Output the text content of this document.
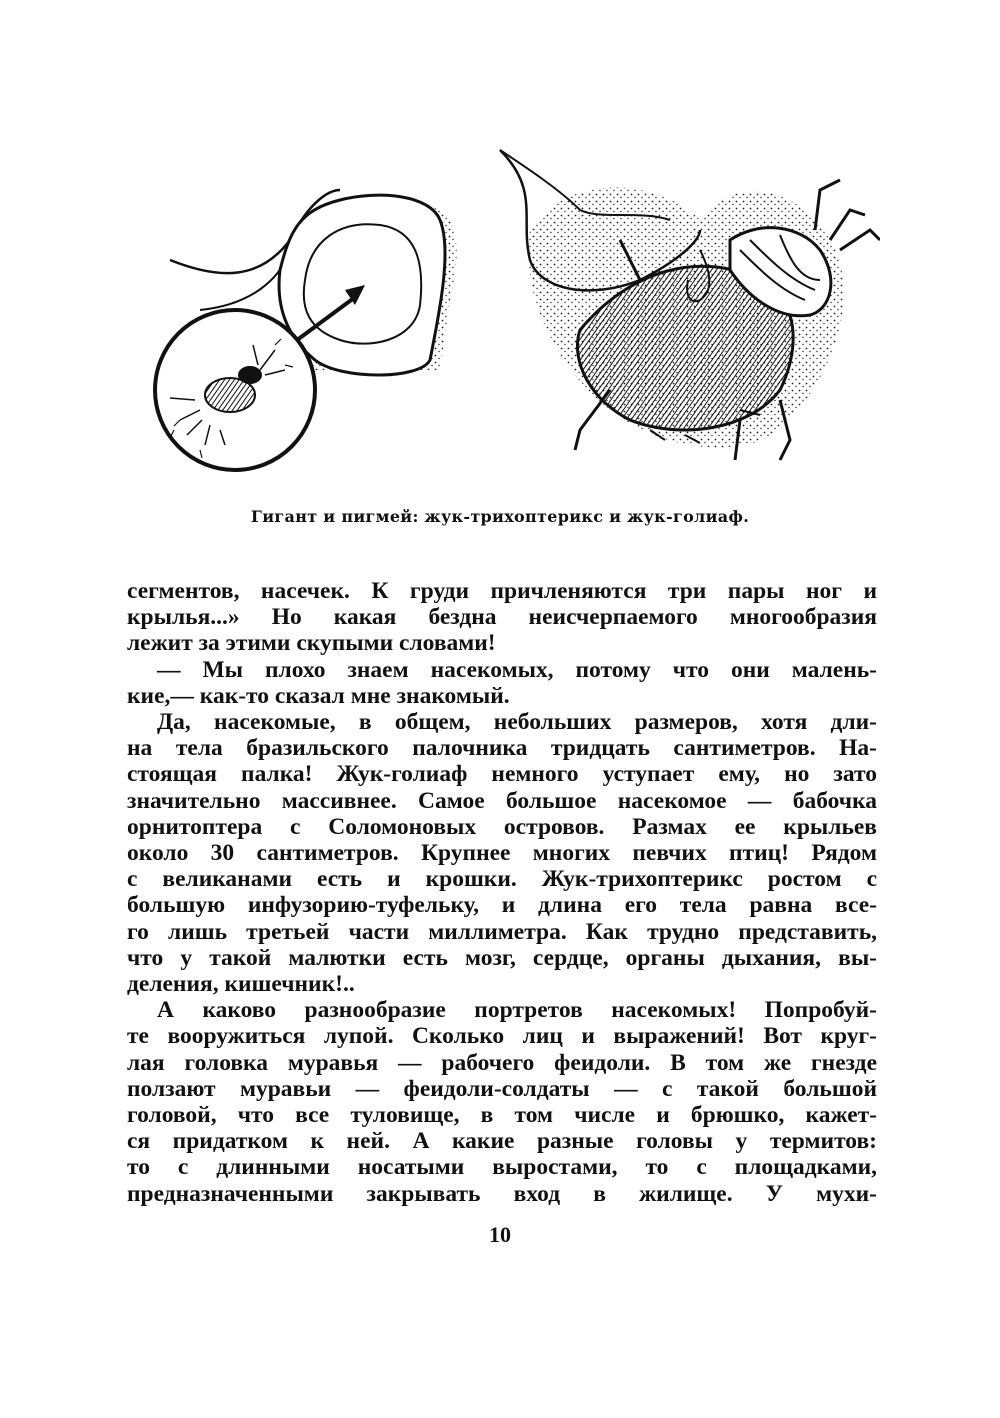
Гигант и пигмей: жук-трихоптерикс и жук-голиаф.
сегментов, насечек. К груди причленяются три пары ног и
крылья...» Но какая бездна неисчерпаемого многообразия
лежит за этими скупыми словами!
— Мы плохо знаем насекомых, потому что они малень-
кие,— как-то сказал мне знакомый.
Да, насекомые, в общем, небольших размеров, хотя дли-
на тела бразильского палочника тридцать сантиметров. На-
стоящая палка! Жук-голиаф немного уступает ему, но зато
значительно массивнее. Самое большое насекомое — бабочка
орнитоптера с Соломоновых островов. Размах ее крыльев
около 30 сантиметров. Крупнее многих певчих птиц! Рядом
с великанами есть и крошки. Жук-трихоптерикс ростом с
большую инфузорию-туфельку, и длина его тела равна все-
го лишь третьей части миллиметра. Как трудно представить,
что у такой малютки есть мозг, сердце, органы дыхания, вы-
деления, кишечник!..
А каково разнообразие портретов насекомых! Попробуй-
те вооружиться лупой. Сколько лиц и выражений! Вот круг-
лая головка муравья — рабочего феидоли. В том же гнезде
ползают муравьи — феидоли-солдаты — с такой большой
головой, что все туловище, в том числе и брюшко, кажет-
ся придатком к ней. А какие разные головы у термитов:
то с длинными носатыми выростами, то с площадками,
предназначенными закрывать вход в жилище. У мухи-
10
